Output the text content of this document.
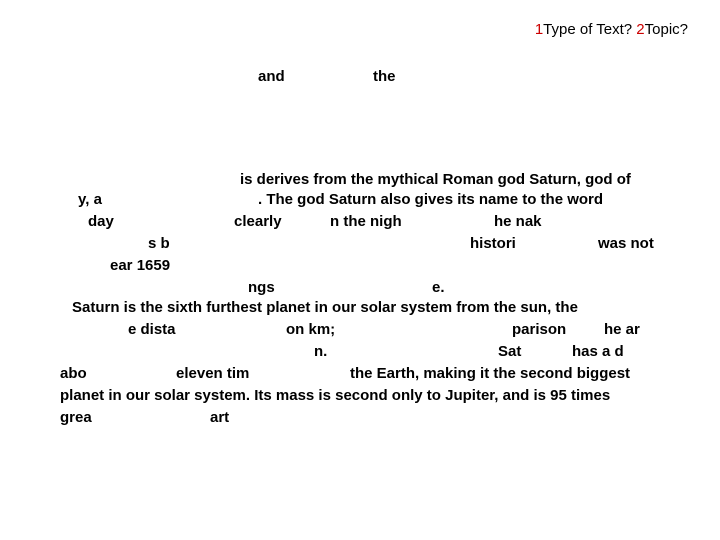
1Type of Text? 2Topic?
and	the
is derives from the mythical Roman god Saturn, god of
y, a	. The god Saturn also gives its name to the word
day	clearly	n the nigh	he nak
s b	histori	was not
ear 1659
ngs	e.
Saturn is the sixth furthest planet in our solar system from the sun, the
e dista	on km;	parison	he ar
n.	Sat	has a d
abo	eleven tim	the Earth, making it the second biggest
planet in our solar system. Its mass is second only to Jupiter, and is 95 times
grea	art
